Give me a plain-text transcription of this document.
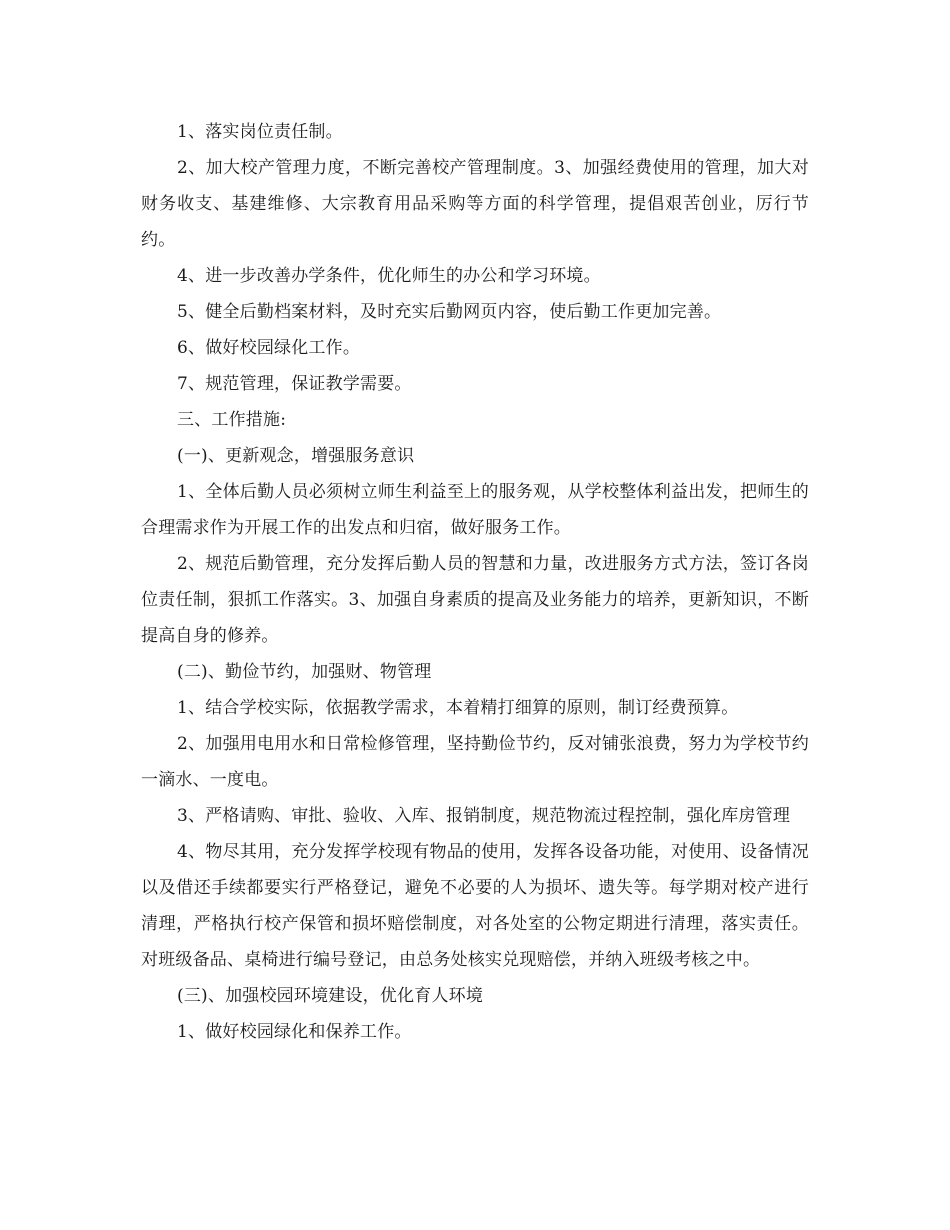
1、落实岗位责任制。

2、加大校产管理力度，不断完善校产管理制度。3、加强经费使用的管理，加大对财务收支、基建维修、大宗教育用品采购等方面的科学管理，提倡艰苦创业，厉行节约。

4、进一步改善办学条件，优化师生的办公和学习环境。

5、健全后勤档案材料，及时充实后勤网页内容，使后勤工作更加完善。

6、做好校园绿化工作。

7、规范管理，保证教学需要。

三、工作措施:

(一)、更新观念，增强服务意识

1、全体后勤人员必须树立师生利益至上的服务观，从学校整体利益出发，把师生的合理需求作为开展工作的出发点和归宿，做好服务工作。

2、规范后勤管理，充分发挥后勤人员的智慧和力量，改进服务方式方法，签订各岗位责任制，狠抓工作落实。3、加强自身素质的提高及业务能力的培养，更新知识，不断提高自身的修养。

(二)、勤俭节约，加强财、物管理

1、结合学校实际，依据教学需求，本着精打细算的原则，制订经费预算。

2、加强用电用水和日常检修管理，坚持勤俭节约，反对铺张浪费，努力为学校节约一滴水、一度电。

3、严格请购、审批、验收、入库、报销制度，规范物流过程控制，强化库房管理

4、物尽其用，充分发挥学校现有物品的使用，发挥各设备功能，对使用、设备情况以及借还手续都要实行严格登记，避免不必要的人为损坏、遗失等。每学期对校产进行清理，严格执行校产保管和损坏赔偿制度，对各处室的公物定期进行清理，落实责任。对班级备品、桌椅进行编号登记，由总务处核实兑现赔偿，并纳入班级考核之中。

(三)、加强校园环境建设，优化育人环境

1、做好校园绿化和保养工作。
